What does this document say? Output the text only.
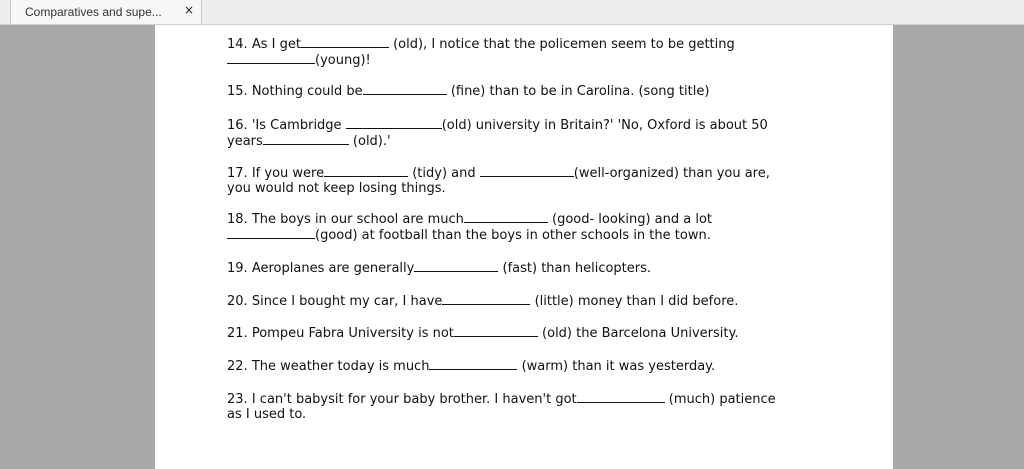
Comparatives and supe... ×
14. As I get	(old), I notice that the policemen seem to be getting
(young)!
15. Nothing could be	(fine) than to be in Carolina. (song title)
16. 'Is Cambridge	(old) university in Britain?' 'No, Oxford is about 50
years	(old).'
17. If you were	(tidy) and	(well-organized) than you are,
you would not keep losing things.
18. The boys in our school are much	(good- looking) and a lot
(good) at football than the boys in other schools in the town.
19. Aeroplanes are generally	(fast) than helicopters.
20. Since I bought my car, I have	(little) money than I did before.
21. Pompeu Fabra University is not	(old) the Barcelona University.
22. The weather today is much	(warm) than it was yesterday.
23. I can't babysit for your baby brother. I haven't got	(much) patience
as I used to.
